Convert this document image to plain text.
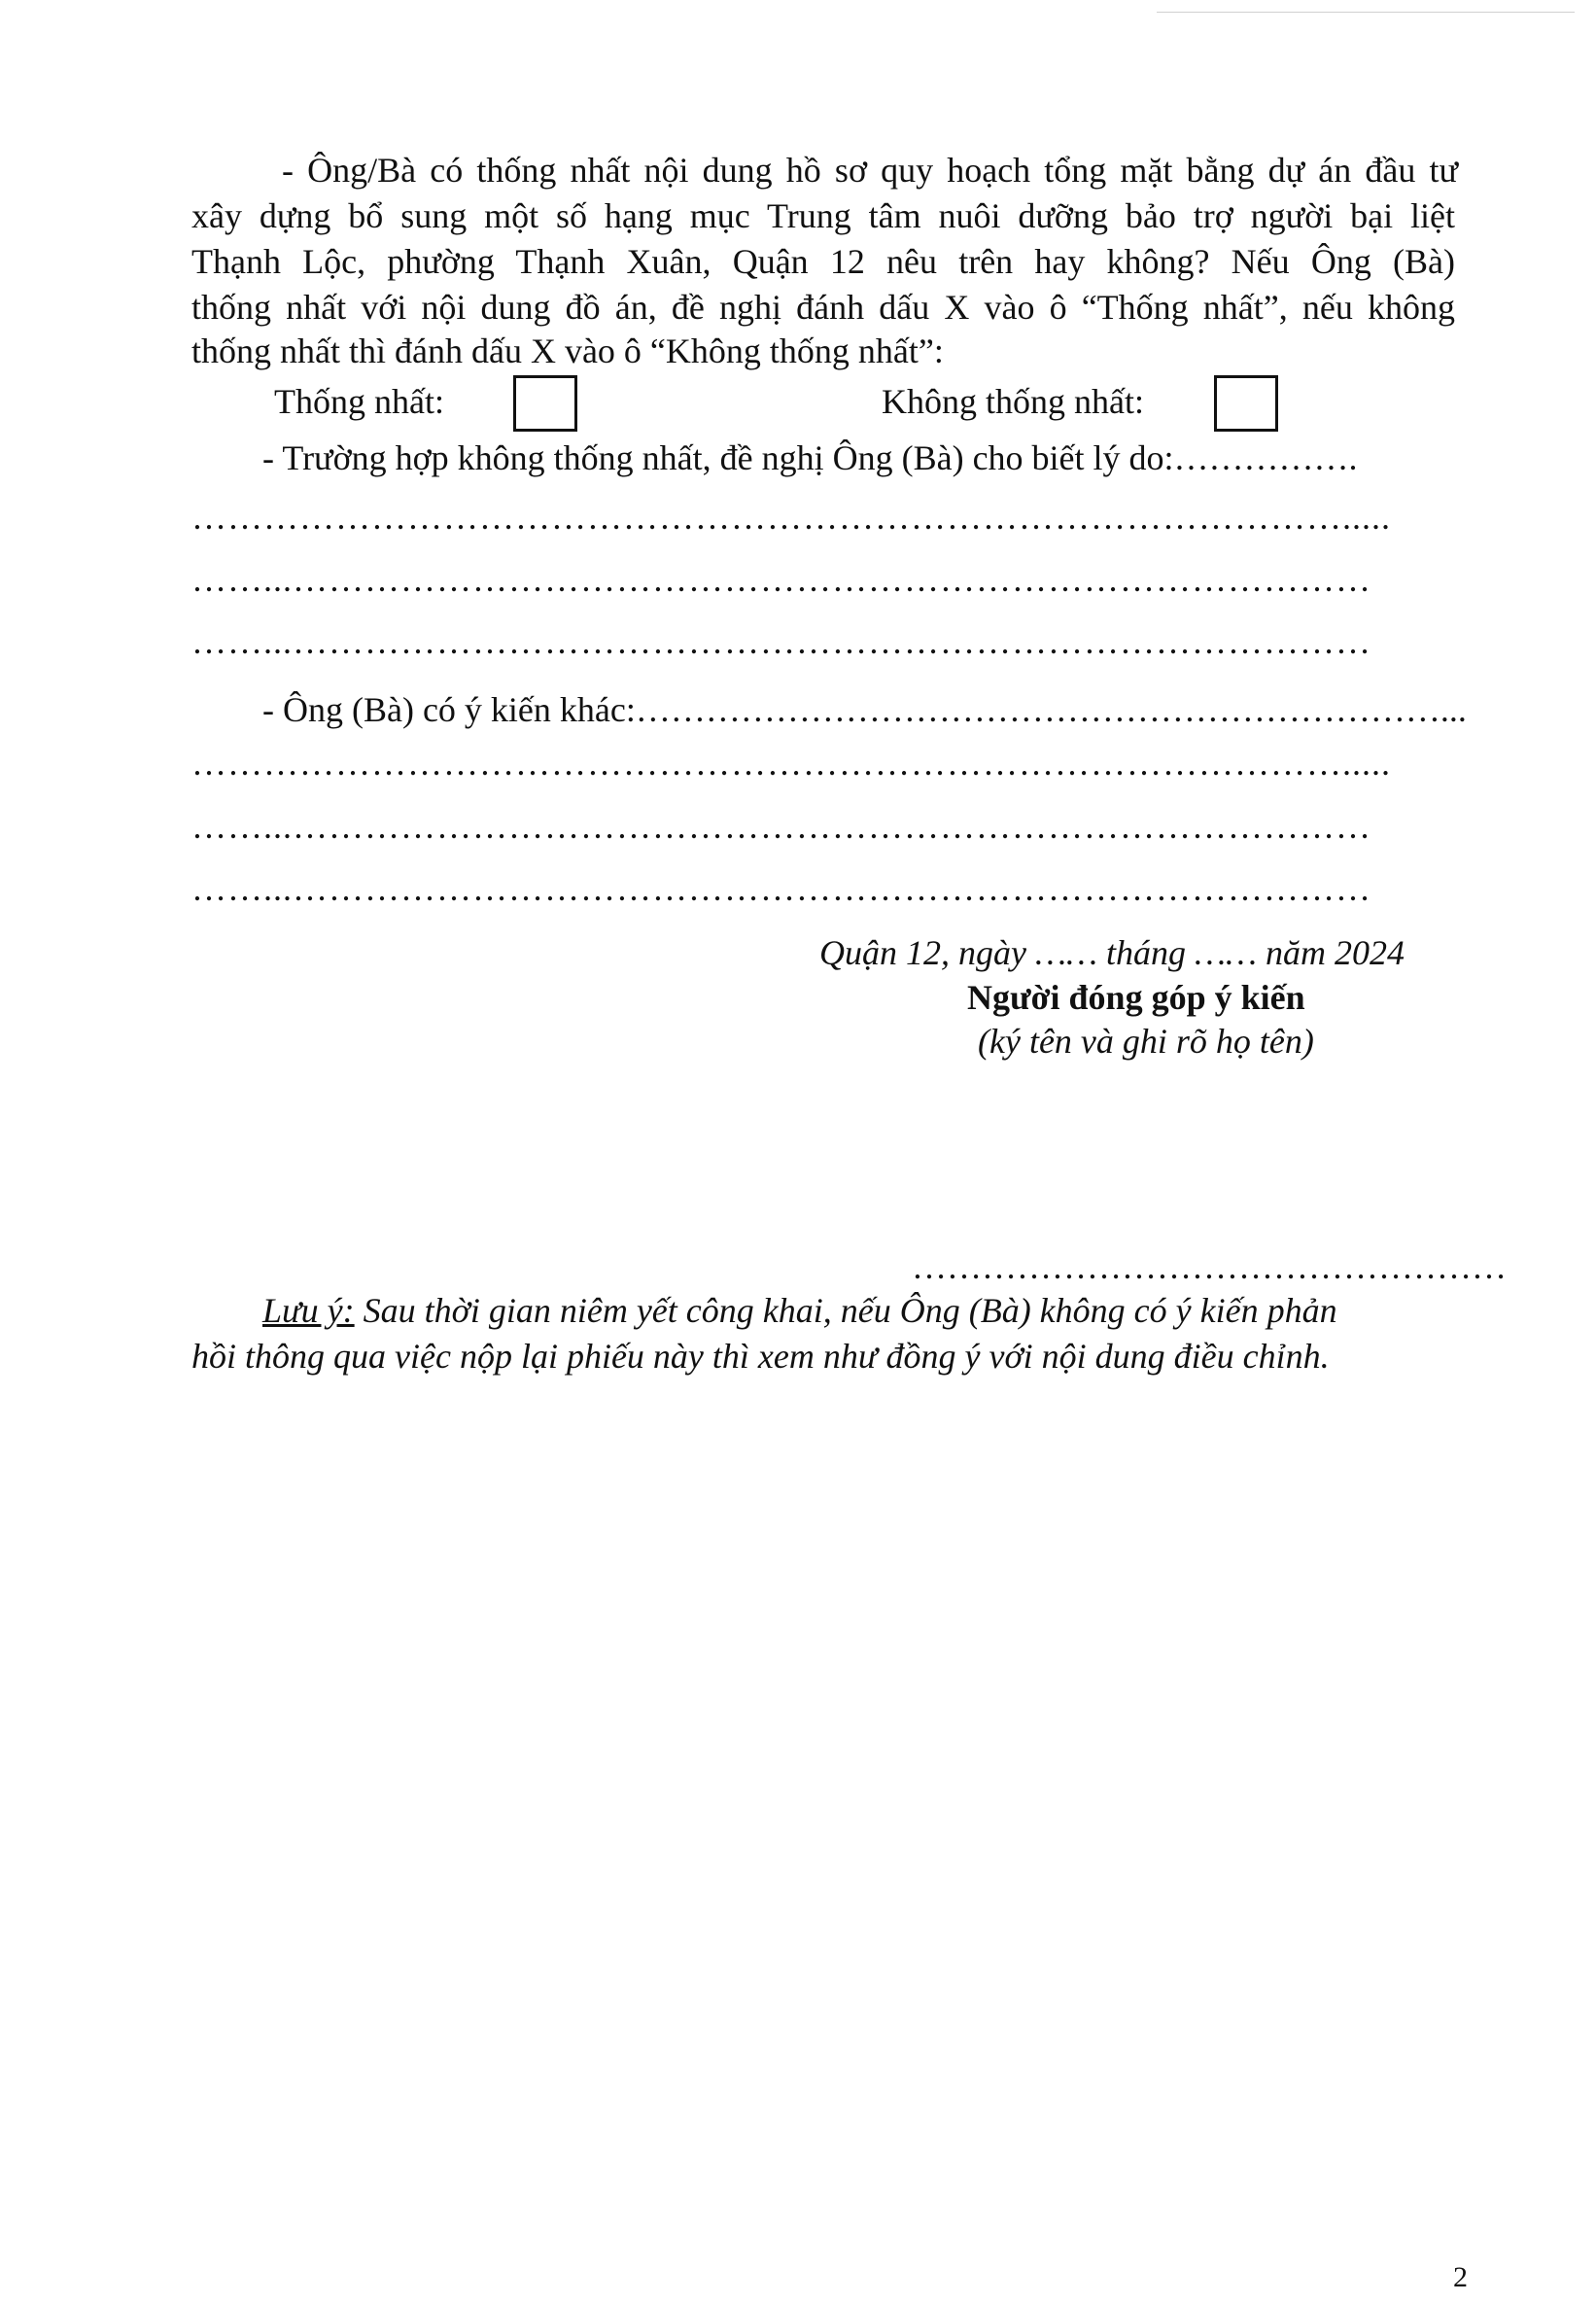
- Ông/Bà có thống nhất nội dung hồ sơ quy hoạch tổng mặt bằng dự án đầu tư
xây dựng bổ sung một số hạng mục Trung tâm nuôi dưỡng bảo trợ người bại liệt
Thạnh Lộc, phường Thạnh Xuân, Quận 12 nêu trên hay không? Nếu Ông (Bà)
thống nhất với nội dung đồ án, đề nghị đánh dấu X vào ô “Thống nhất”, nếu không
thống nhất thì đánh dấu X vào ô “Không thống nhất”:
Thống nhất:	Không thống nhất:
- Trường hợp không thống nhất, đề nghị Ông (Bà) cho biết lý do:…………….
…………………………………………………………………………………….....
……...………………………………………………………………………………
……...………………………………………………………………………………
- Ông (Bà) có ý kiến khác:……………………………………………………………...
…………………………………………………………………………………….....
……...………………………………………………………………………………
……...………………………………………………………………………………
Quận 12, ngày …… tháng …… năm 2024
Người đóng góp ý kiến
(ký tên và ghi rõ họ tên)
……………………………………………
Lưu ý: Sau thời gian niêm yết công khai, nếu Ông (Bà) không có ý kiến phản
hồi thông qua việc nộp lại phiếu này thì xem như đồng ý với nội dung điều chỉnh.
2
